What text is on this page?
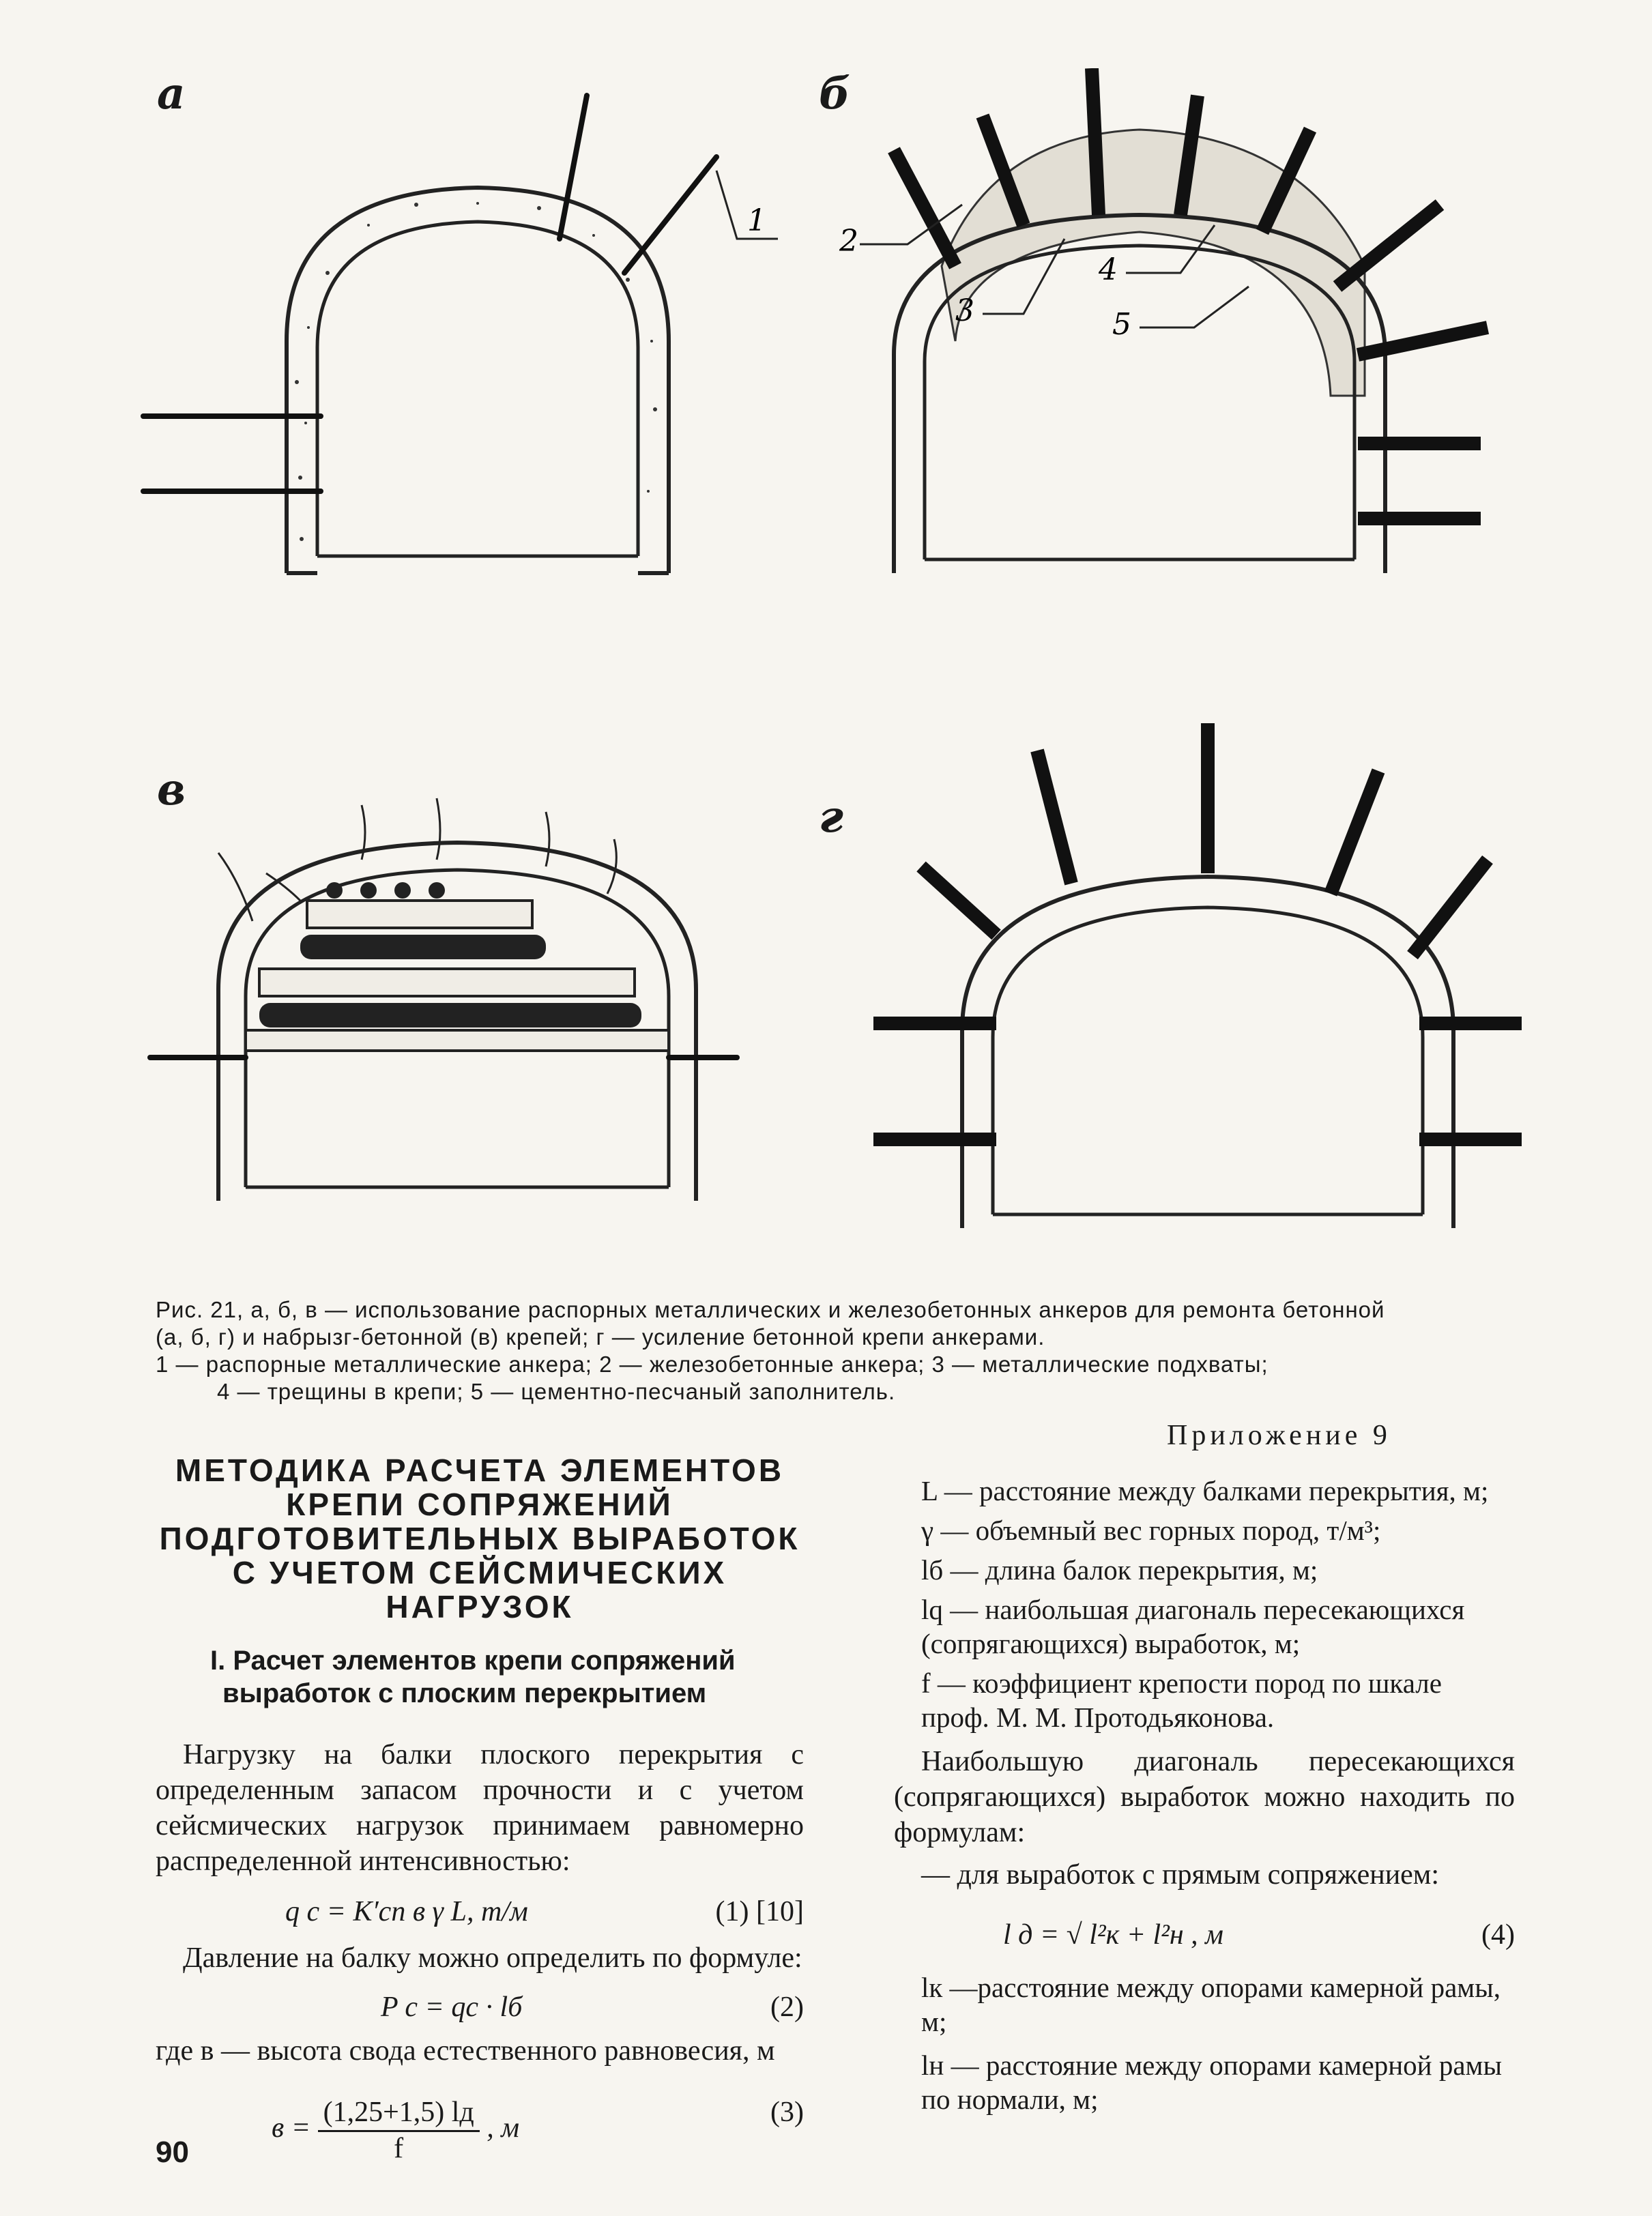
1
а
2
3
4
5
б
в
г
Рис. 21, а, б, в — использование распорных металлических и железобетонных анкеров для ремонта бетонной
(а, б, г) и набрызг-бетонной (в) крепей; г — усиление бетонной крепи анкерами.
1 — распорные металлические анкера; 2 — железобетонные анкера; 3 — металлические подхваты;
4 — трещины в крепи; 5 — цементно-песчаный заполнитель.
Приложение 9
МЕТОДИКА РАСЧЕТА ЭЛЕМЕНТОВ
КРЕПИ СОПРЯЖЕНИЙ
ПОДГОТОВИТЕЛЬНЫХ ВЫРАБОТОК
С УЧЕТОМ СЕЙСМИЧЕСКИХ НАГРУЗОК
I. Расчет элементов крепи сопряжений
выработок с плоским перекрытием
Нагрузку на балки плоского перекрытия с определенным запасом прочности и с учетом сейсмических нагрузок принимаем равномерно распределенной интенсивностью:
q с = K′сп в γ L, т/м	(1) [10]
Давление на балку можно определить по формуле:
P с = qс · lб	(2)
где в — высота свода естественного равновесия, м
$в = \frac{(1,25+1,5) lд}{f}$ , м
(3)
L — расстояние между балками перекрытия, м;
γ — объемный вес горных пород, т/м³;
lб — длина балок перекрытия, м;
lq — наибольшая диагональ пересекающихся (сопрягающихся) выработок, м;
f — коэффициент крепости пород по шкале проф. М. М. Протодьяконова.
Наибольшую диагональ пересекающихся (сопрягающихся) выработок можно находить по формулам:
— для выработок с прямым сопряжением:
l д = √ l²к + l²н , м	(4)
lк —расстояние между опорами камерной рамы, м;
lн — расстояние между опорами камерной рамы по нормали, м;
90
